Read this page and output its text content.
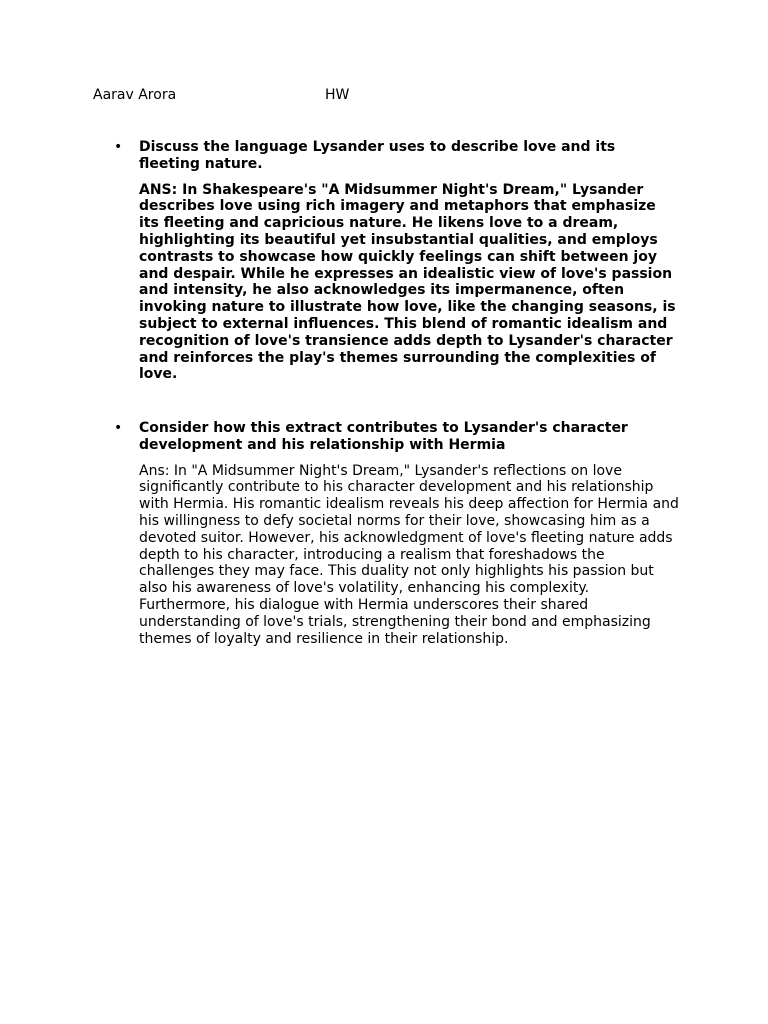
Aarav Arora	HW
• Discuss the language Lysander uses to describe love and its fleeting nature.

ANS: In Shakespeare's "A Midsummer Night's Dream," Lysander describes love using rich imagery and metaphors that emphasize its fleeting and capricious nature. He likens love to a dream, highlighting its beautiful yet insubstantial qualities, and employs contrasts to showcase how quickly feelings can shift between joy and despair. While he expresses an idealistic view of love's passion and intensity, he also acknowledges its impermanence, often invoking nature to illustrate how love, like the changing seasons, is subject to external influences. This blend of romantic idealism and recognition of love's transience adds depth to Lysander's character and reinforces the play's themes surrounding the complexities of love.

• Consider how this extract contributes to Lysander's character development and his relationship with Hermia

Ans: In "A Midsummer Night's Dream," Lysander's reflections on love significantly contribute to his character development and his relationship with Hermia. His romantic idealism reveals his deep affection for Hermia and his willingness to defy societal norms for their love, showcasing him as a devoted suitor. However, his acknowledgment of love's fleeting nature adds depth to his character, introducing a realism that foreshadows the challenges they may face. This duality not only highlights his passion but also his awareness of love's volatility, enhancing his complexity. Furthermore, his dialogue with Hermia underscores their shared understanding of love's trials, strengthening their bond and emphasizing themes of loyalty and resilience in their relationship.
